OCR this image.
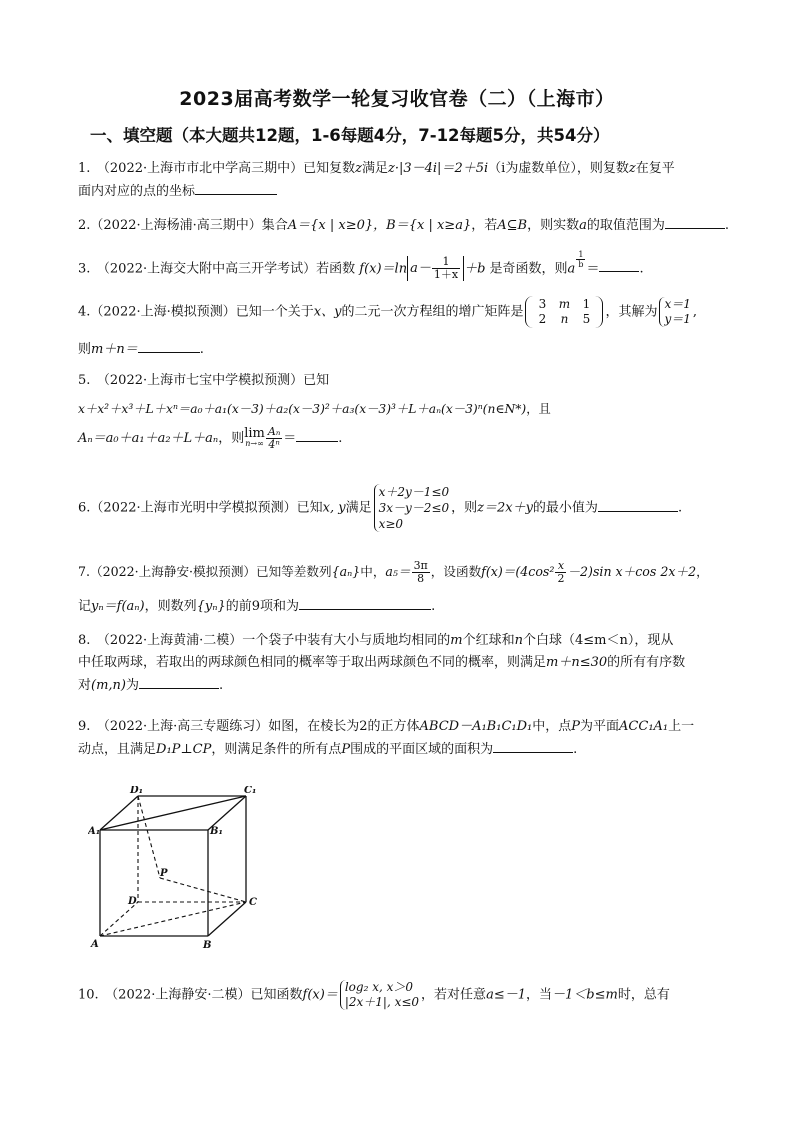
2023届高考数学一轮复习收官卷（二）（上海市）
一、填空题（本大题共12题，1-6每题4分，7-12每题5分，共54分）
1.　（2022·上海市市北中学高三期中）已知复数z满足z·|3－4i|＝2＋5i（i为虚数单位），则复数z在复平
面内对应的点的坐标
2.（2022·上海杨浦·高三期中）集合A＝{x | x≥0}，B＝{x | x≥a}，若A⊆B，则实数a的取值范围为	.
3.　（2022·上海交大附中高三开学考试）若函数 f(x)＝ln $a- \frac{1}{1+x} +b$ 是奇函数，则a $\frac{1}{b}$ ＝	.
4.（2022·上海·模拟预测）已知一个关于x、y的二元一次方程组的增广矩阵是3 m 1
2 n 5 ，其解为x＝1
y＝1 ,
则m＋n＝	.
5.　（2022·上海市七宝中学模拟预测）已知
x＋x²＋x³＋L＋xⁿ＝a₀＋a₁(x－3)＋a₂(x－3)²＋a₃(x－3)³＋L＋aₙ(x－3)ⁿ(n∈N*)，且
Aₙ＝a₀＋a₁＋a₂＋L＋aₙ，则 lim
$n\to\infty \frac{\text{Aₙ}}{\text{4ⁿ}}$ ＝	.
6.（2022·上海市光明中学模拟预测）已知x, y满足x＋2y－1≤0
3x－y－2≤0
x≥0，则z＝2x＋y的最小值为	.
7.（2022·上海静安·模拟预测）已知等差数列{aₙ}中，$a_5= \frac{3\pi}{8}$ ，设函数$f(x)=(4\cos^2 \frac{x}{2} -2)\sin$ x＋cos 2x＋2，
记yₙ＝f(aₙ)，则数列{yₙ}的前9项和为	.
8.　（2022·上海黄浦·二模）一个袋子中装有大小与质地均相同的m个红球和n个白球（4≤m＜n），现从
中任取两球，若取出的两球颜色相同的概率等于取出两球颜色不同的概率，则满足m＋n≤30的所有有序数
对(m,n)为	.
9.　（2022·上海·高三专题练习）如图，在棱长为2的正方体ABCD－A₁B₁C₁D₁中，点P为平面ACC₁A₁上一
动点，且满足D₁P⊥CP，则满足条件的所有点P围成的平面区域的面积为	.
D₁	C₁
A₁	B₁
P
D	C
A	B
10.　（2022·上海静安·二模）已知函数f(x)＝log₂ x, x＞0
|2x＋1|, x≤0 ，若对任意a≤－1，当－1＜b≤m时，总有
